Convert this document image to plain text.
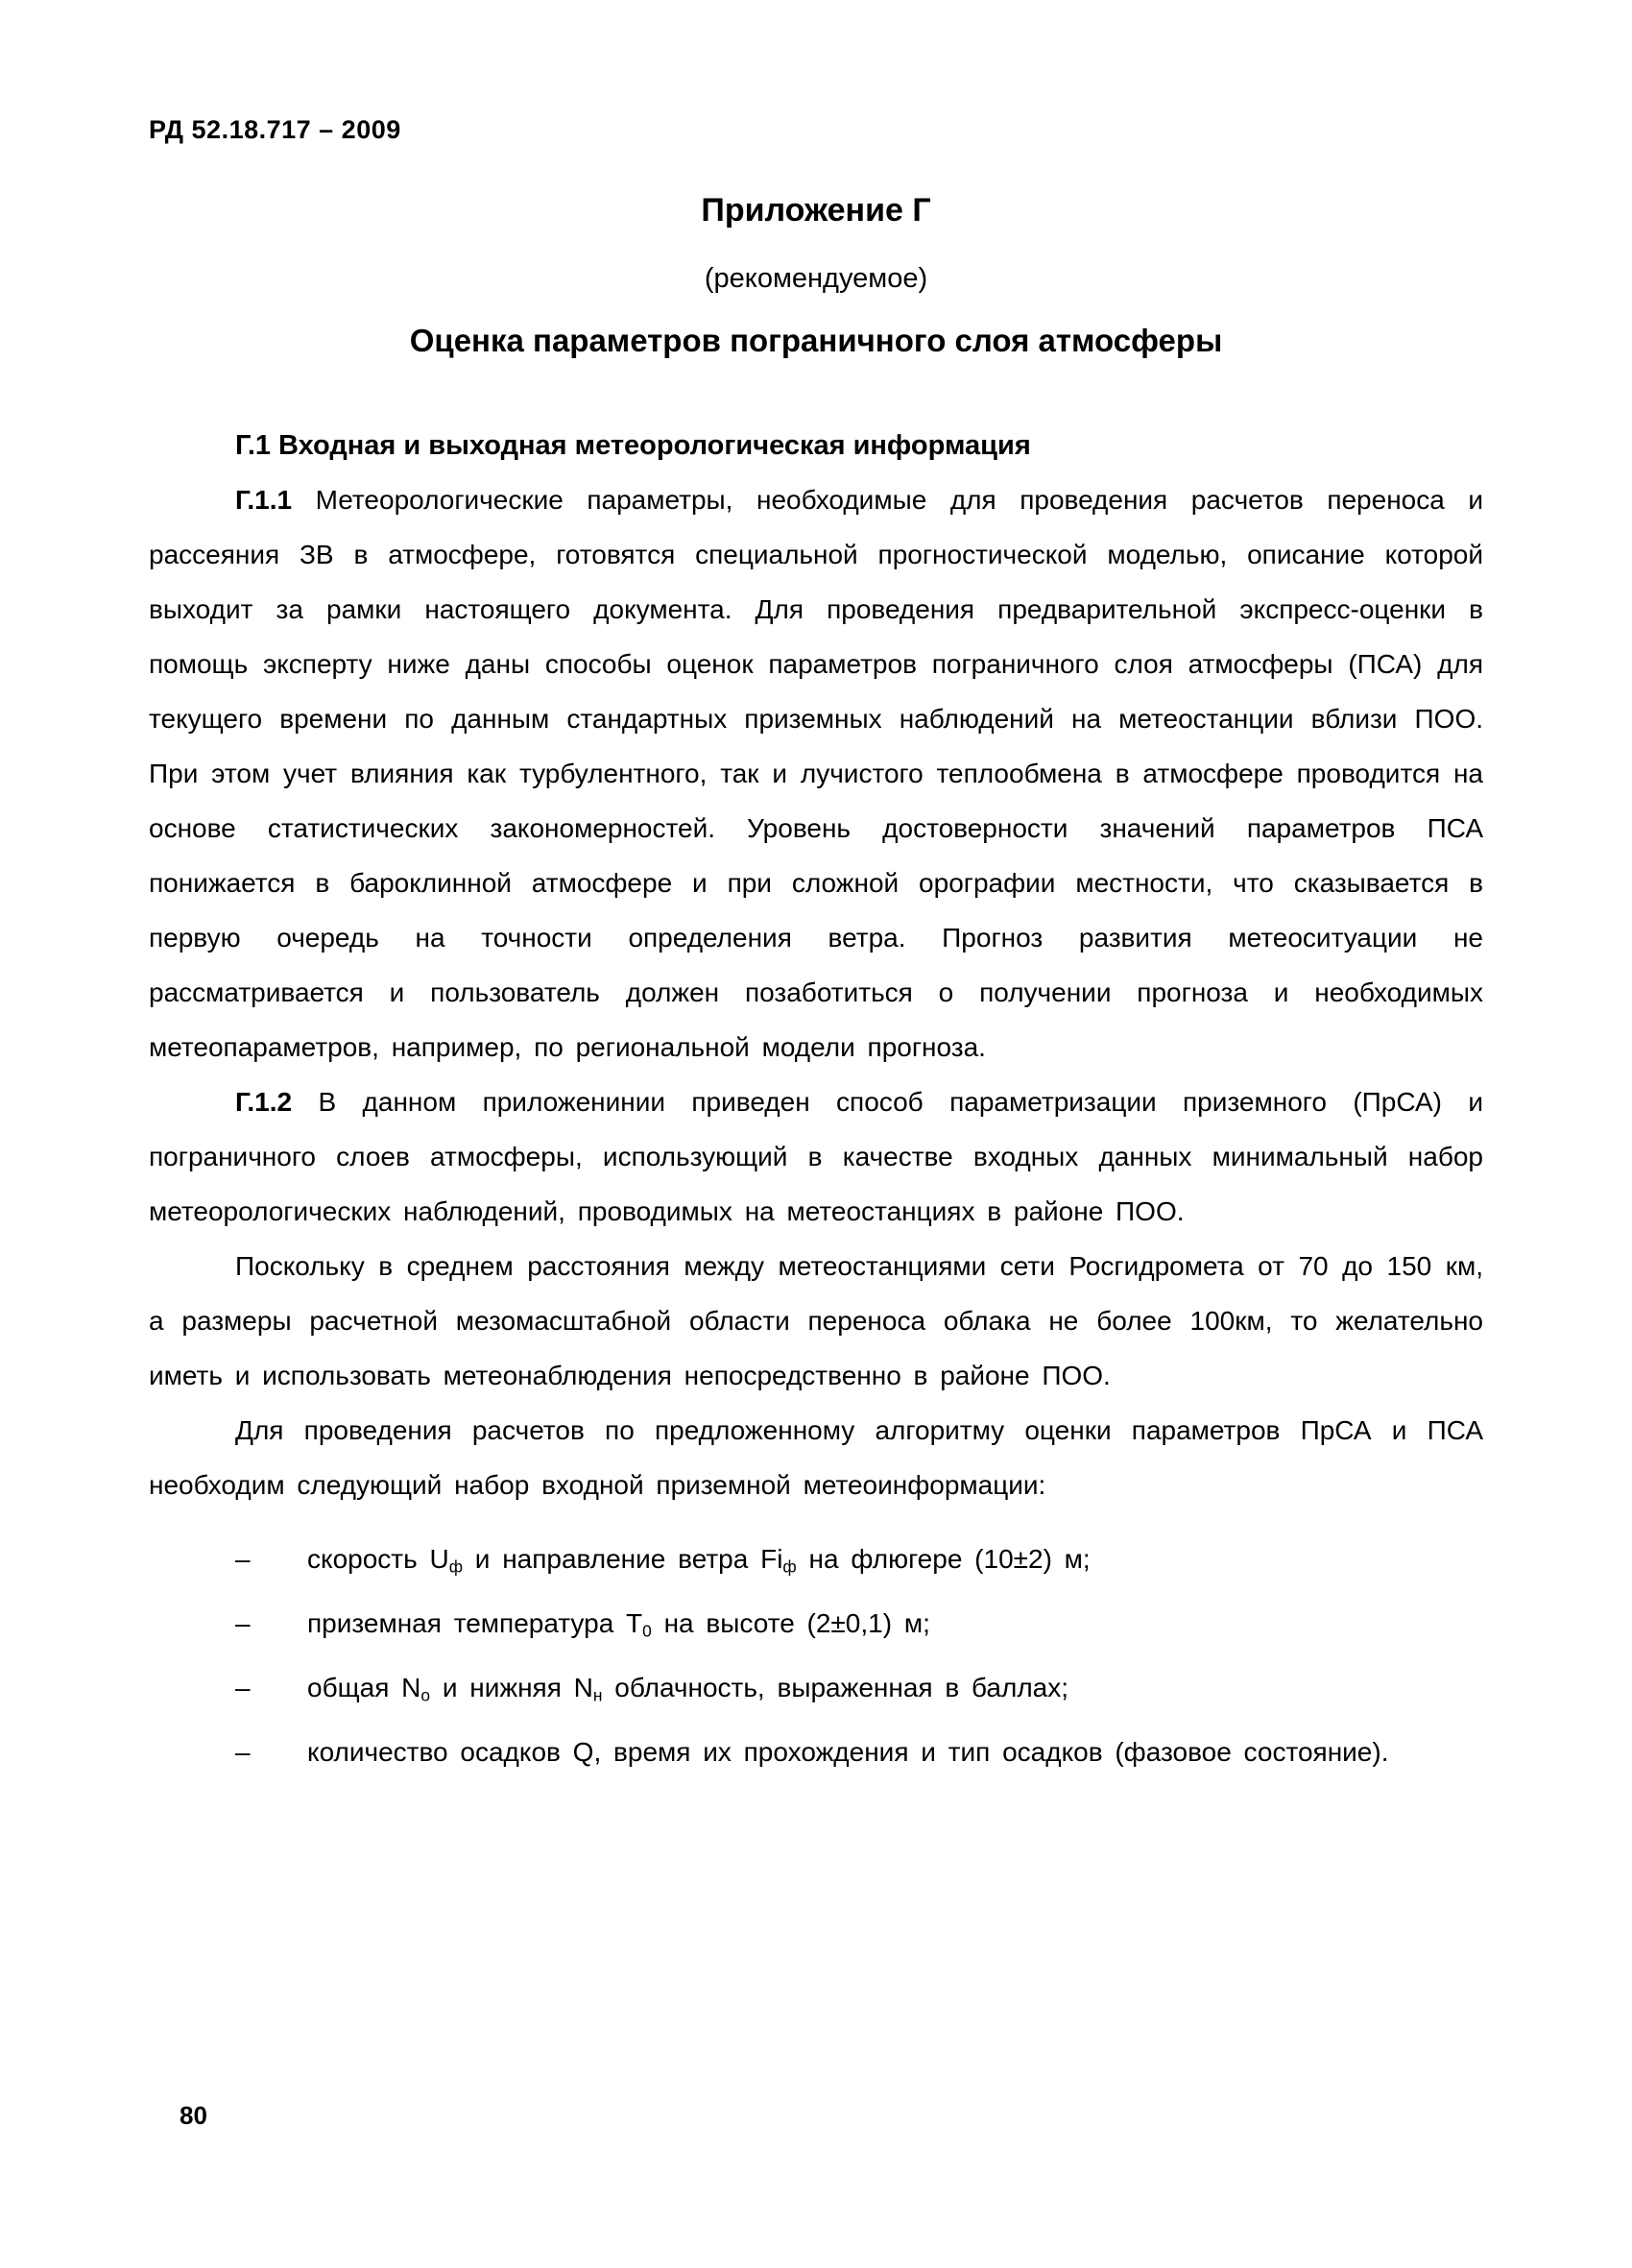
РД 52.18.717 – 2009
Приложение Г
(рекомендуемое)
Оценка параметров пограничного слоя атмосферы
Г.1 Входная и выходная метеорологическая информация

Г.1.1 Метеорологические параметры, необходимые для проведения расчетов переноса и рассеяния ЗВ в атмосфере, готовятся специальной прогностической моделью, описание которой выходит за рамки настоящего документа. Для проведения предварительной экспресс-оценки в помощь эксперту ниже даны способы оценок параметров пограничного слоя атмосферы (ПСА) для текущего времени по данным стандартных приземных наблюдений на метеостанции вблизи ПОО. При этом учет влияния как турбулентного, так и лучистого теплообмена в атмосфере проводится на основе статистических закономерностей. Уровень достоверности значений параметров ПСА понижается в бароклинной атмосфере и при сложной орографии местности, что сказывается в первую очередь на точности определения ветра. Прогноз развития метеоситуации не рассматривается и пользователь должен позаботиться о получении прогноза и необходимых метеопараметров, например, по региональной модели прогноза.

Г.1.2 В данном приложенинии приведен способ параметризации приземного (ПрСА) и пограничного слоев атмосферы, использующий в качестве входных данных минимальный набор метеорологических наблюдений, проводимых на метеостанциях в районе ПОО.

Поскольку в среднем расстояния между метеостанциями сети Росгидромета от 70 до 150 км, а размеры расчетной мезомасштабной области переноса облака не более 100км, то желательно иметь и использовать метеонаблюдения непосредственно в районе ПОО.

Для проведения расчетов по предложенному алгоритму оценки параметров ПрСА и ПСА необходим следующий набор входной приземной метеоинформации:

– скорость $U_ф$ и направление ветра $Fi_ф$ на флюгере (10±2) м;
– приземная температура $Т_0$ на высоте (2±0,1) м;
– общая $N_о$ и нижняя $N_н$ облачность, выраженная в баллах;
– количество осадков Q, время их прохождения и тип осадков (фазовое состояние).
80
